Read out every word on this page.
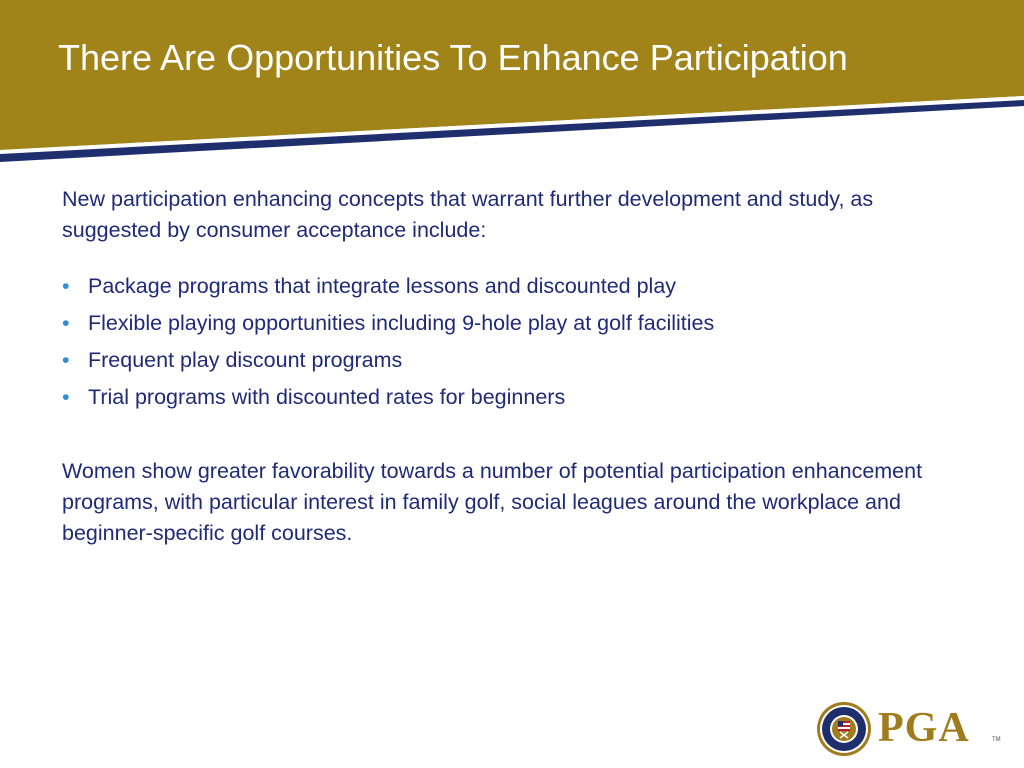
There Are Opportunities To Enhance Participation

New participation enhancing concepts that warrant further development and study, as suggested by consumer acceptance include:

• Package programs that integrate lessons and discounted play
• Flexible playing opportunities including 9-hole play at golf facilities
• Frequent play discount programs
• Trial programs with discounted rates for beginners

Women show greater favorability towards a number of potential participation enhancement programs, with particular interest in family golf, social leagues around the workplace and beginner-specific golf courses.

PGA	TM
